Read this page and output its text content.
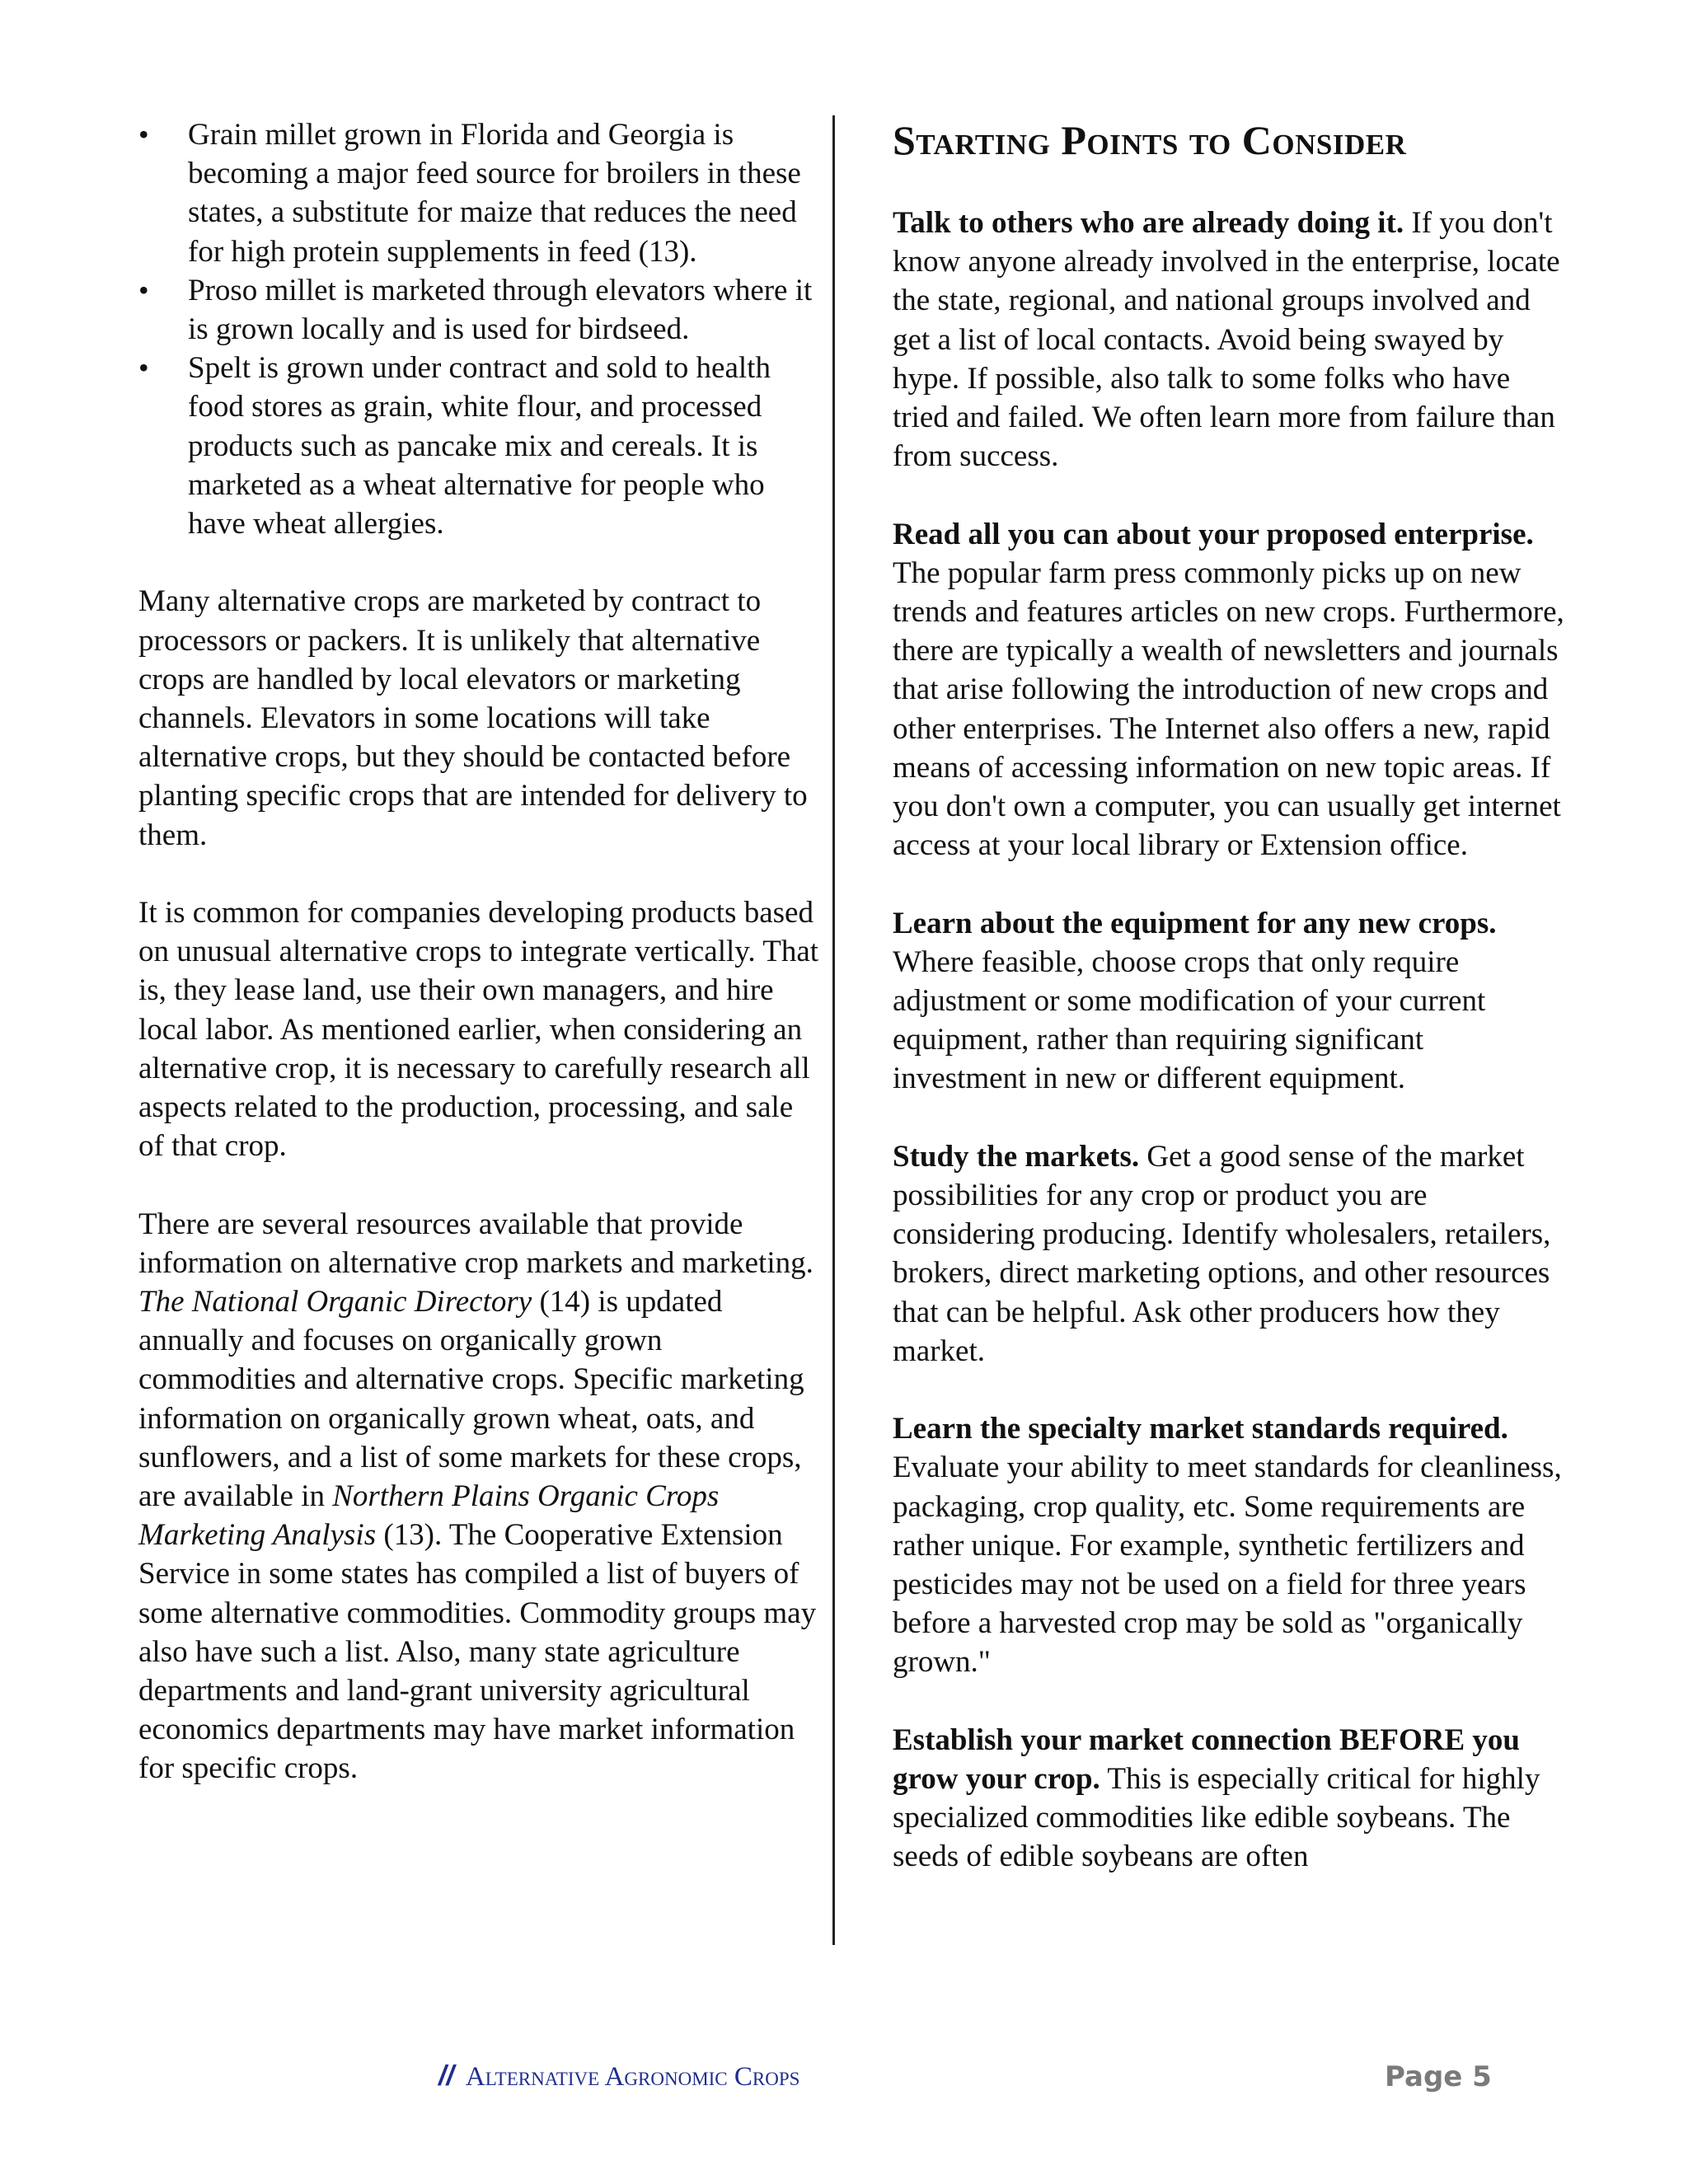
• Grain millet grown in Florida and Georgia is becoming a major feed source for broilers in these states, a substitute for maize that reduces the need for high protein supplements in feed (13).
• Proso millet is marketed through elevators where it is grown locally and is used for birdseed.
• Spelt is grown under contract and sold to health food stores as grain, white flour, and processed products such as pancake mix and cereals. It is marketed as a wheat alternative for people who have wheat allergies.

Many alternative crops are marketed by contract to processors or packers. It is unlikely that alternative crops are handled by local elevators or marketing channels. Elevators in some locations will take alternative crops, but they should be contacted before planting specific crops that are intended for delivery to them.

It is common for companies developing products based on unusual alternative crops to integrate vertically. That is, they lease land, use their own managers, and hire local labor. As mentioned earlier, when considering an alternative crop, it is necessary to carefully research all aspects related to the production, processing, and sale of that crop.

There are several resources available that provide information on alternative crop markets and marketing. The National Organic Directory (14) is updated annually and focuses on organically grown commodities and alternative crops. Specific marketing information on organically grown wheat, oats, and sunflowers, and a list of some markets for these crops, are available in Northern Plains Organic Crops Marketing Analysis (13). The Cooperative Extension Service in some states has compiled a list of buyers of some alternative commodities. Commodity groups may also have such a list. Also, many state agriculture departments and land-grant university agricultural economics departments may have market information for specific crops.

Starting Points to Consider

Talk to others who are already doing it. If you don't know anyone already involved in the enterprise, locate the state, regional, and national groups involved and get a list of local contacts. Avoid being swayed by hype. If possible, also talk to some folks who have tried and failed. We often learn more from failure than from success.

Read all you can about your proposed enterprise. The popular farm press commonly picks up on new trends and features articles on new crops. Furthermore, there are typically a wealth of newsletters and journals that arise following the introduction of new crops and other enterprises. The Internet also offers a new, rapid means of accessing information on new topic areas. If you don't own a computer, you can usually get internet access at your local library or Extension office.

Learn about the equipment for any new crops. Where feasible, choose crops that only require adjustment or some modification of your current equipment, rather than requiring significant investment in new or different equipment.

Study the markets. Get a good sense of the market possibilities for any crop or product you are considering producing. Identify wholesalers, retailers, brokers, direct marketing options, and other resources that can be helpful. Ask other producers how they market.

Learn the specialty market standards required. Evaluate your ability to meet standards for cleanliness, packaging, crop quality, etc. Some requirements are rather unique. For example, synthetic fertilizers and pesticides may not be used on a field for three years before a harvested crop may be sold as "organically grown."

Establish your market connection BEFORE you grow your crop. This is especially critical for highly specialized commodities like edible soybeans. The seeds of edible soybeans are often

// Alternative Agronomic Crops	Page 5
